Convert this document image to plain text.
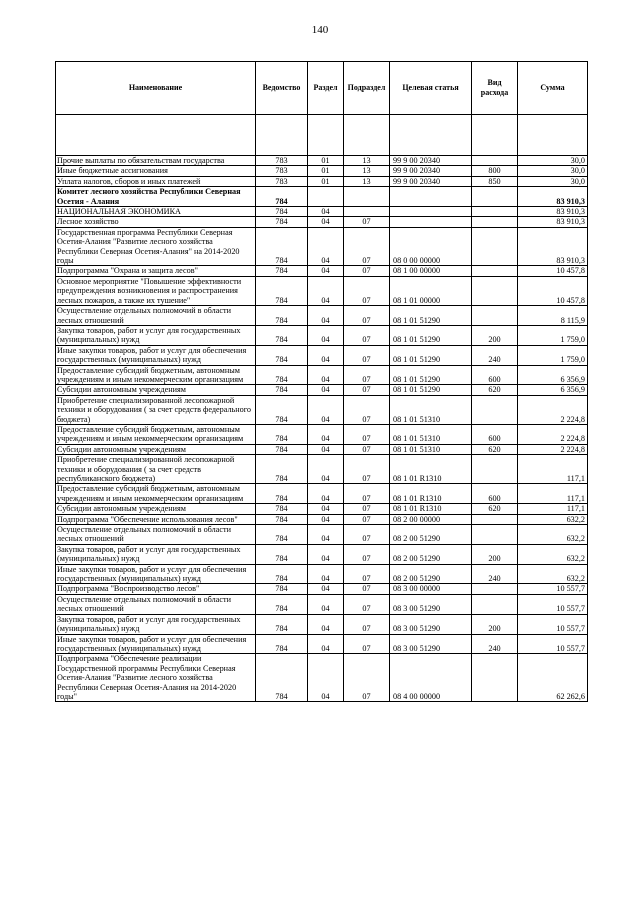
140
Наименование	Ведомство	Раздел	Подраздел	Целевая статья	Вид расхода	Сумма

Прочие выплаты по обязательствам государства	783	01	13	99 9 00 20340		30,0
Иные бюджетные ассигнования	783	01	13	99 9 00 20340	800	30,0
Уплата налогов, сборов и иных платежей	783	01	13	99 9 00 20340	850	30,0
Комитет лесного хозяйства Республики Северная Осетия - Алания	784					83 910,3
НАЦИОНАЛЬНАЯ ЭКОНОМИКА	784	04				83 910,3
Лесное хозяйство	784	04	07			83 910,3
Государственная программа Республики Северная Осетия-Алания "Развитие лесного хозяйства Республики Северная Осетия-Алания" на 2014-2020 годы	784	04	07	08 0 00 00000		83 910,3
Подпрограмма "Охрана и защита лесов"	784	04	07	08 1 00 00000		10 457,8
Основное мероприятие "Повышение эффективности предупреждения возникновения и распространения лесных пожаров, а также их тушение"	784	04	07	08 1 01 00000		10 457,8
Осуществление отдельных полномочий в области лесных отношений	784	04	07	08 1 01 51290		8 115,9
Закупка товаров, работ и услуг для государственных (муниципальных) нужд	784	04	07	08 1 01 51290	200	1 759,0
Иные закупки товаров, работ и услуг для обеспечения государственных (муниципальных) нужд	784	04	07	08 1 01 51290	240	1 759,0
Предоставление субсидий бюджетным, автономным учреждениям и иным некоммерческим организациям	784	04	07	08 1 01 51290	600	6 356,9
Субсидии автономным учреждениям	784	04	07	08 1 01 51290	620	6 356,9
Приобретение специализированной лесопожарной техники и оборудования ( за счет средств федерального бюджета)	784	04	07	08 1 01 51310		2 224,8
Предоставление субсидий бюджетным, автономным учреждениям и иным некоммерческим организациям	784	04	07	08 1 01 51310	600	2 224,8
Субсидии автономным учреждениям	784	04	07	08 1 01 51310	620	2 224,8
Приобретение специализированной лесопожарной техники и оборудования ( за счет средств республиканского бюджета)	784	04	07	08 1 01 R1310		117,1
Предоставление субсидий бюджетным, автономным учреждениям и иным некоммерческим организациям	784	04	07	08 1 01 R1310	600	117,1
Субсидии автономным учреждениям	784	04	07	08 1 01 R1310	620	117,1
Подпрограмма "Обеспечение использования лесов"	784	04	07	08 2 00 00000		632,2
Осуществление отдельных полномочий в области лесных отношений	784	04	07	08 2 00 51290		632,2
Закупка товаров, работ и услуг для государственных (муниципальных) нужд	784	04	07	08 2 00 51290	200	632,2
Иные закупки товаров, работ и услуг для обеспечения государственных (муниципальных) нужд	784	04	07	08 2 00 51290	240	632,2
Подпрограмма "Воспроизводство лесов"	784	04	07	08 3 00 00000		10 557,7
Осуществление отдельных полномочий в области лесных отношений	784	04	07	08 3 00 51290		10 557,7
Закупка товаров, работ и услуг для государственных (муниципальных) нужд	784	04	07	08 3 00 51290	200	10 557,7
Иные закупки товаров, работ и услуг для обеспечения государственных (муниципальных) нужд	784	04	07	08 3 00 51290	240	10 557,7
Подпрограмма "Обеспечение реализации Государственной программы Республики Северная Осетия-Алания "Развитие лесного хозяйства Республики Северная Осетия-Алания на 2014-2020 годы"	784	04	07	08 4 00 00000		62 262,6
